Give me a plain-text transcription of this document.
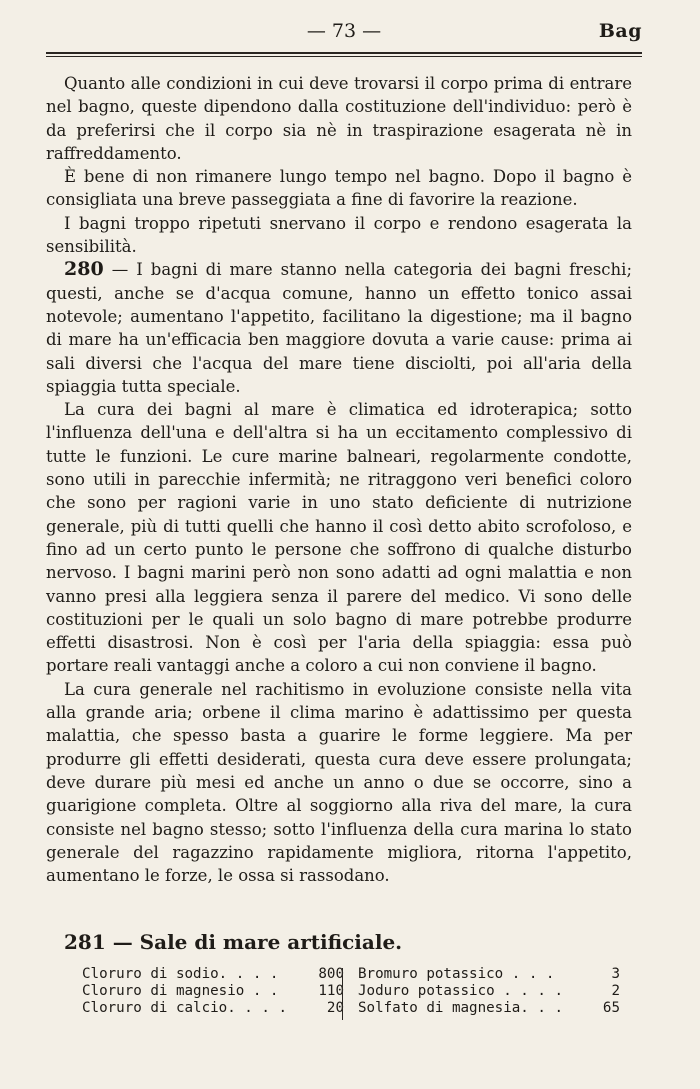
— 73 —	Bag

Quanto alle condizioni in cui deve trovarsi il corpo prima di entrare nel bagno, queste dipendono dalla costituzione dell'individuo: però è da preferirsi che il corpo sia nè in traspirazione esagerata nè in raffreddamento.

È bene di non rimanere lungo tempo nel bagno. Dopo il bagno è consigliata una breve passeggiata a fine di favorire la reazione.

I bagni troppo ripetuti snervano il corpo e rendono esagerata la sensibilità.

280 — I bagni di mare stanno nella categoria dei bagni freschi; questi, anche se d'acqua comune, hanno un effetto tonico assai notevole; aumentano l'appetito, facilitano la digestione; ma il bagno di mare ha un'efficacia ben maggiore dovuta a varie cause: prima ai sali diversi che l'acqua del mare tiene disciolti, poi all'aria della spiaggia tutta speciale.

La cura dei bagni al mare è climatica ed idroterapica; sotto l'influenza dell'una e dell'altra si ha un eccitamento complessivo di tutte le funzioni. Le cure marine balneari, regolarmente condotte, sono utili in parecchie infermità; ne ritraggono veri benefici coloro che sono per ragioni varie in uno stato deficiente di nutrizione generale, più di tutti quelli che hanno il così detto abito scrofoloso, e fino ad un certo punto le persone che soffrono di qualche disturbo nervoso. I bagni marini però non sono adatti ad ogni malattia e non vanno presi alla leggiera senza il parere del medico. Vi sono delle costituzioni per le quali un solo bagno di mare potrebbe produrre effetti disastrosi. Non è così per l'aria della spiaggia: essa può portare reali vantaggi anche a coloro a cui non conviene il bagno.

La cura generale nel rachitismo in evoluzione consiste nella vita alla grande aria; orbene il clima marino è adattissimo per questa malattia, che spesso basta a guarire le forme leggiere. Ma per produrre gli effetti desiderati, questa cura deve essere prolungata; deve durare più mesi ed anche un anno o due se occorre, sino a guarigione completa. Oltre al soggiorno alla riva del mare, la cura consiste nel bagno stesso; sotto l'influenza della cura marina lo stato generale del ragazzino rapidamente migliora, ritorna l'appetito, aumentano le forze, le ossa si rassodano.

281 — Sale di mare artificiale.
Cloruro di sodio. . . . 800
Cloruro di magnesio . . 110
Cloruro di calcio. . . . 20
Bromuro potassico . . .	3
Joduro potassico . . . .	2
Solfato di magnesia. . . 65
